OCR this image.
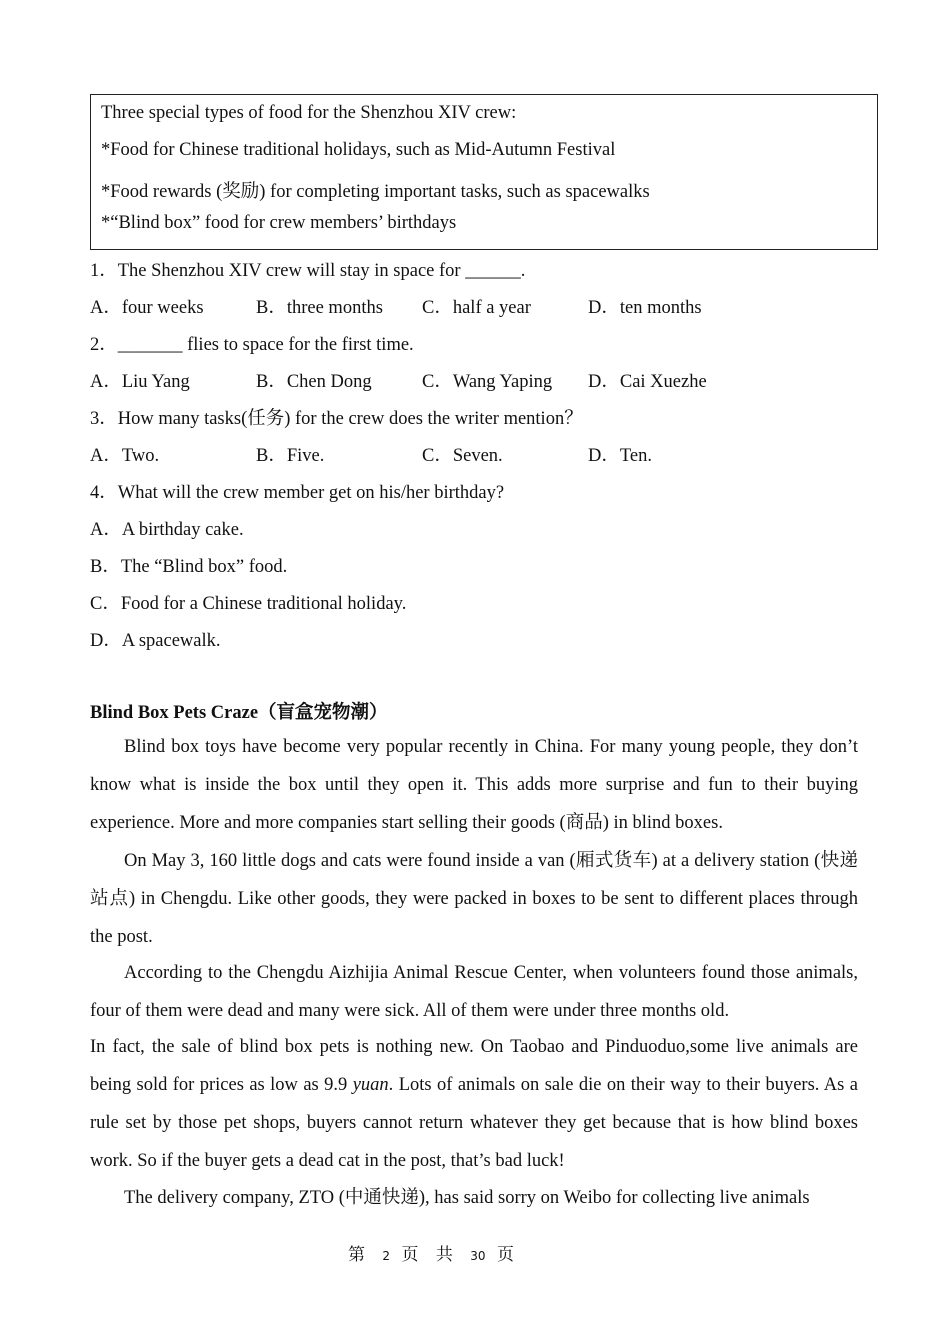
Three special types of food for the Shenzhou XIV crew:
*Food for Chinese traditional holidays, such as Mid-Autumn Festival
*Food rewards (奖励) for completing important tasks, such as spacewalks
*“Blind box” food for crew members’ birthdays
1．The Shenzhou XIV crew will stay in space for ______.
A．four weeks	B．three months C．half a year	D．ten months
2．_______ flies to space for the first time.
A．Liu Yang	B．Chen Dong	C．Wang Yaping D．Cai Xuezhe
3．How many tasks(任务) for the crew does the writer mention？
A．Two.	B．Five.	C．Seven.	D．Ten.
4．What will the crew member get on his/her birthday?
A．A birthday cake.
B．The “Blind box” food.
C．Food for a Chinese traditional holiday.
D．A spacewalk.
Blind Box Pets Craze（盲盒宠物潮）

Blind box toys have become very popular recently in China. For many young people, they don’t know what is inside the box until they open it. This adds more surprise and fun to their buying experience. More and more companies start selling their goods (商品) in blind boxes.

On May 3, 160 little dogs and cats were found inside a van (厢式货车) at a delivery station (快递站点) in Chengdu. Like other goods, they were packed in boxes to be sent to different places through the post.

According to the Chengdu Aizhijia Animal Rescue Center, when volunteers found those animals, four of them were dead and many were sick. All of them were under three months old.

In fact, the sale of blind box pets is nothing new. On Taobao and Pinduoduo,some live animals are being sold for prices as low as 9.9 yuan. Lots of animals on sale die on their way to their buyers. As a rule set by those pet shops, buyers cannot return whatever they get because that is how blind boxes work. So if the buyer gets a dead cat in the post, that’s bad luck!

The delivery company, ZTO (中通快递), has said sorry on Weibo for collecting live animals

第 2 页 共 30 页
